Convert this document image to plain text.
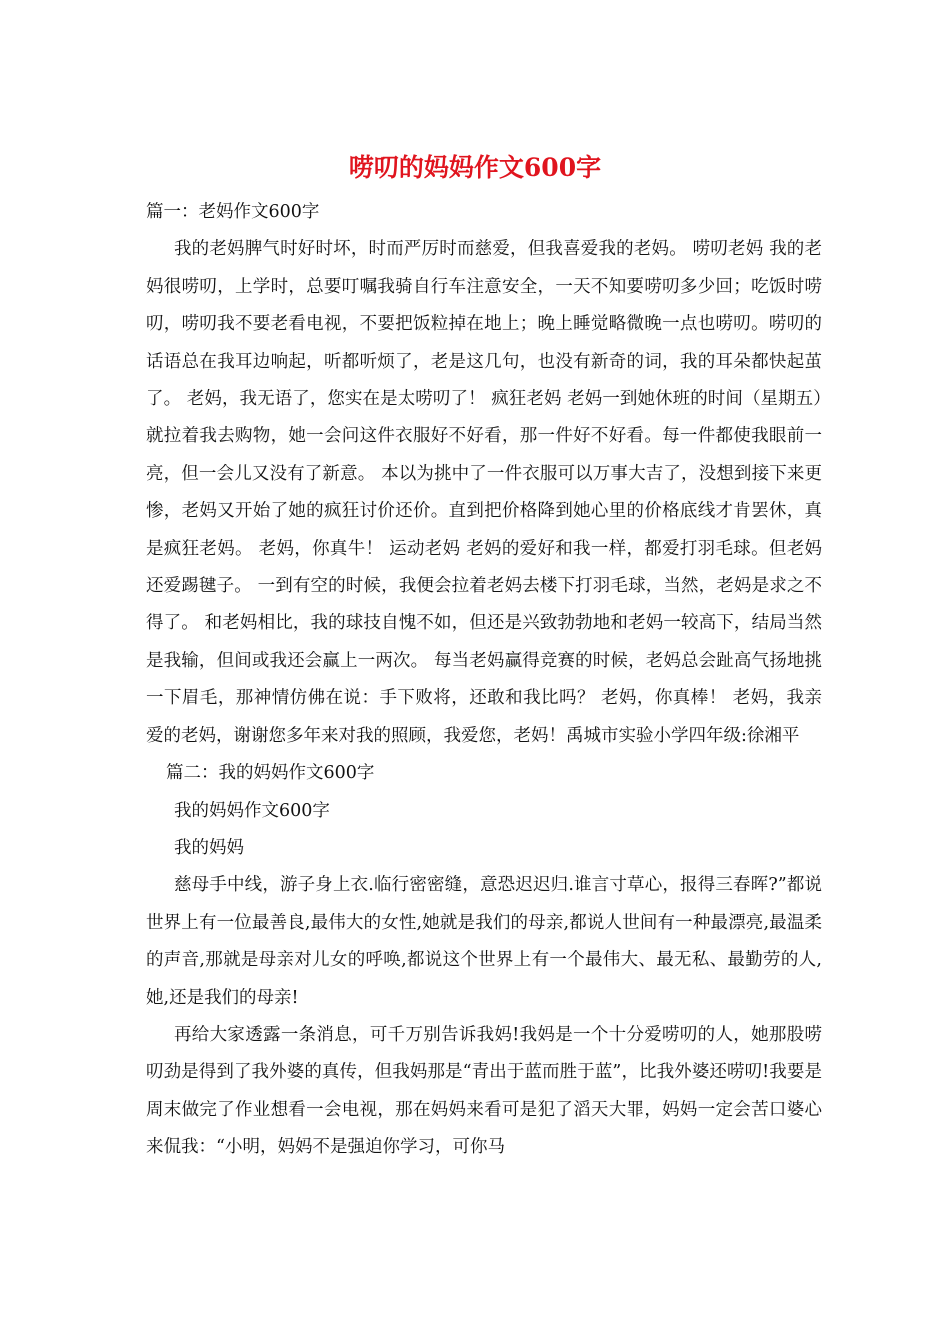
唠叨的妈妈作文600字

篇一：老妈作文600字

我的老妈脾气时好时坏，时而严厉时而慈爱，但我喜爱我的老妈。 唠叨老妈 我的老妈很唠叨，上学时，总要叮嘱我骑自行车注意安全，一天不知要唠叨多少回；吃饭时唠叨，唠叨我不要老看电视，不要把饭粒掉在地上；晚上睡觉略微晚一点也唠叨。唠叨的话语总在我耳边响起，听都听烦了，老是这几句，也没有新奇的词，我的耳朵都快起茧了。 老妈，我无语了，您实在是太唠叨了！ 疯狂老妈 老妈一到她休班的时间（星期五）就拉着我去购物，她一会问这件衣服好不好看，那一件好不好看。每一件都使我眼前一亮，但一会儿又没有了新意。 本以为挑中了一件衣服可以万事大吉了，没想到接下来更惨，老妈又开始了她的疯狂讨价还价。直到把价格降到她心里的价格底线才肯罢休，真是疯狂老妈。 老妈，你真牛！ 运动老妈 老妈的爱好和我一样，都爱打羽毛球。但老妈还爱踢毽子。 一到有空的时候，我便会拉着老妈去楼下打羽毛球，当然，老妈是求之不得了。 和老妈相比，我的球技自愧不如，但还是兴致勃勃地和老妈一较高下，结局当然是我输，但间或我还会赢上一两次。 每当老妈赢得竞赛的时候，老妈总会趾高气扬地挑一下眉毛，那神情仿佛在说：手下败将，还敢和我比吗？ 老妈，你真棒！ 老妈，我亲爱的老妈，谢谢您多年来对我的照顾，我爱您，老妈！禹城市实验小学四年级:徐湘平

篇二：我的妈妈作文600字

我的妈妈作文600字

我的妈妈

慈母手中线，游子身上衣.临行密密缝，意恐迟迟归.谁言寸草心，报得三春晖?”都说世界上有一位最善良,最伟大的女性,她就是我们的母亲,都说人世间有一种最漂亮,最温柔的声音,那就是母亲对儿女的呼唤,都说这个世界上有一个最伟大、最无私、最勤劳的人,她,还是我们的母亲!

再给大家透露一条消息，可千万别告诉我妈!我妈是一个十分爱唠叨的人，她那股唠叨劲是得到了我外婆的真传，但我妈那是“青出于蓝而胜于蓝”，比我外婆还唠叨!我要是周末做完了作业想看一会电视，那在妈妈来看可是犯了滔天大罪，妈妈一定会苦口婆心来侃我：“小明，妈妈不是强迫你学习，可你马
